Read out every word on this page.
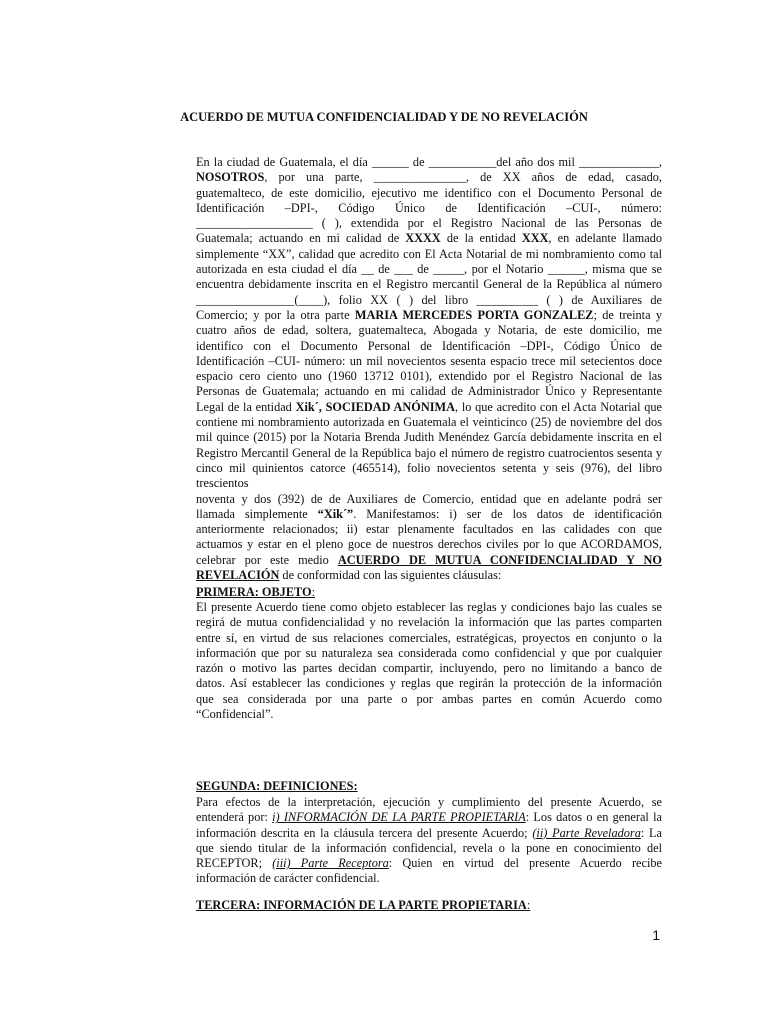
ACUERDO DE MUTUA CONFIDENCIALIDAD Y DE NO REVELACIÓN
En la ciudad de Guatemala, el día ______ de ___________del año dos mil _____________,
NOSOTROS, por una parte, _______________, de XX años de edad, casado,
guatemalteco, de este domicilio, ejecutivo me identifico con el Documento Personal de
Identificación –DPI-, Código Único de Identificación –CUI-, número:
___________________ ( ), extendida por el Registro Nacional de las Personas de
Guatemala; actuando en mi calidad de XXXX de la entidad XXX, en adelante llamado
simplemente “XX”, calidad que acredito con El Acta Notarial de mi nombramiento como tal
autorizada en esta ciudad el día __ de ___ de _____, por el Notario ______, misma que se
encuentra debidamente inscrita en el Registro mercantil General de la República al número
________________(____), folio XX ( ) del libro __________ ( ) de Auxiliares de
Comercio; y por la otra parte MARIA MERCEDES PORTA GONZALEZ; de treinta y
cuatro años de edad, soltera, guatemalteca, Abogada y Notaria, de este domicilio, me
identifico con el Documento Personal de Identificación –DPI-, Código Único de
Identificación –CUI- número: un mil novecientos sesenta espacio trece mil setecientos doce
espacio cero ciento uno (1960 13712 0101), extendido por el Registro Nacional de las
Personas de Guatemala; actuando en mi calidad de Administrador Único y Representante
Legal de la entidad Xik´, SOCIEDAD ANÓNIMA, lo que acredito con el Acta Notarial que
contiene mi nombramiento autorizada en Guatemala el veinticinco (25) de noviembre del dos
mil quince (2015) por la Notaria Brenda Judith Menéndez García debidamente inscrita en el
Registro Mercantil General de la República bajo el número de registro cuatrocientos sesenta y
cinco mil quinientos catorce (465514), folio novecientos setenta y seis (976), del libro trescientos
noventa y dos (392) de de Auxiliares de Comercio, entidad que en adelante podrá ser
llamada simplemente “Xik´”. Manifestamos: i) ser de los datos de identificación
anteriormente relacionados; ii) estar plenamente facultados en las calidades con que
actuamos y estar en el pleno goce de nuestros derechos civiles por lo que ACORDAMOS,
celebrar por este medio ACUERDO DE MUTUA CONFIDENCIALIDAD Y NO
REVELACIÓN de conformidad con las siguientes cláusulas:
PRIMERA: OBJETO:
El presente Acuerdo tiene como objeto establecer las reglas y condiciones bajo las cuales se
regirá de mutua confidencialidad y no revelación la información que las partes comparten
entre sí, en virtud de sus relaciones comerciales, estratégicas, proyectos en conjunto o la
información que por su naturaleza sea considerada como confidencial y que por cualquier
razón o motivo las partes decidan compartir, incluyendo, pero no limitando a banco de
datos. Así establecer las condiciones y reglas que regirán la protección de la información
que sea considerada por una parte o por ambas partes en común Acuerdo como
“Confidencial”.
SEGUNDA: DEFINICIONES:
Para efectos de la interpretación, ejecución y cumplimiento del presente Acuerdo, se
entenderá por: i) INFORMACIÓN DE LA PARTE PROPIETARIA: Los datos o en general la
información descrita en la cláusula tercera del presente Acuerdo; (ii) Parte Reveladora: La
que siendo titular de la información confidencial, revela o la pone en conocimiento del
RECEPTOR; (iii) Parte Receptora: Quien en virtud del presente Acuerdo recibe
información de carácter confidencial.
TERCERA: INFORMACIÓN DE LA PARTE PROPIETARIA:
1
